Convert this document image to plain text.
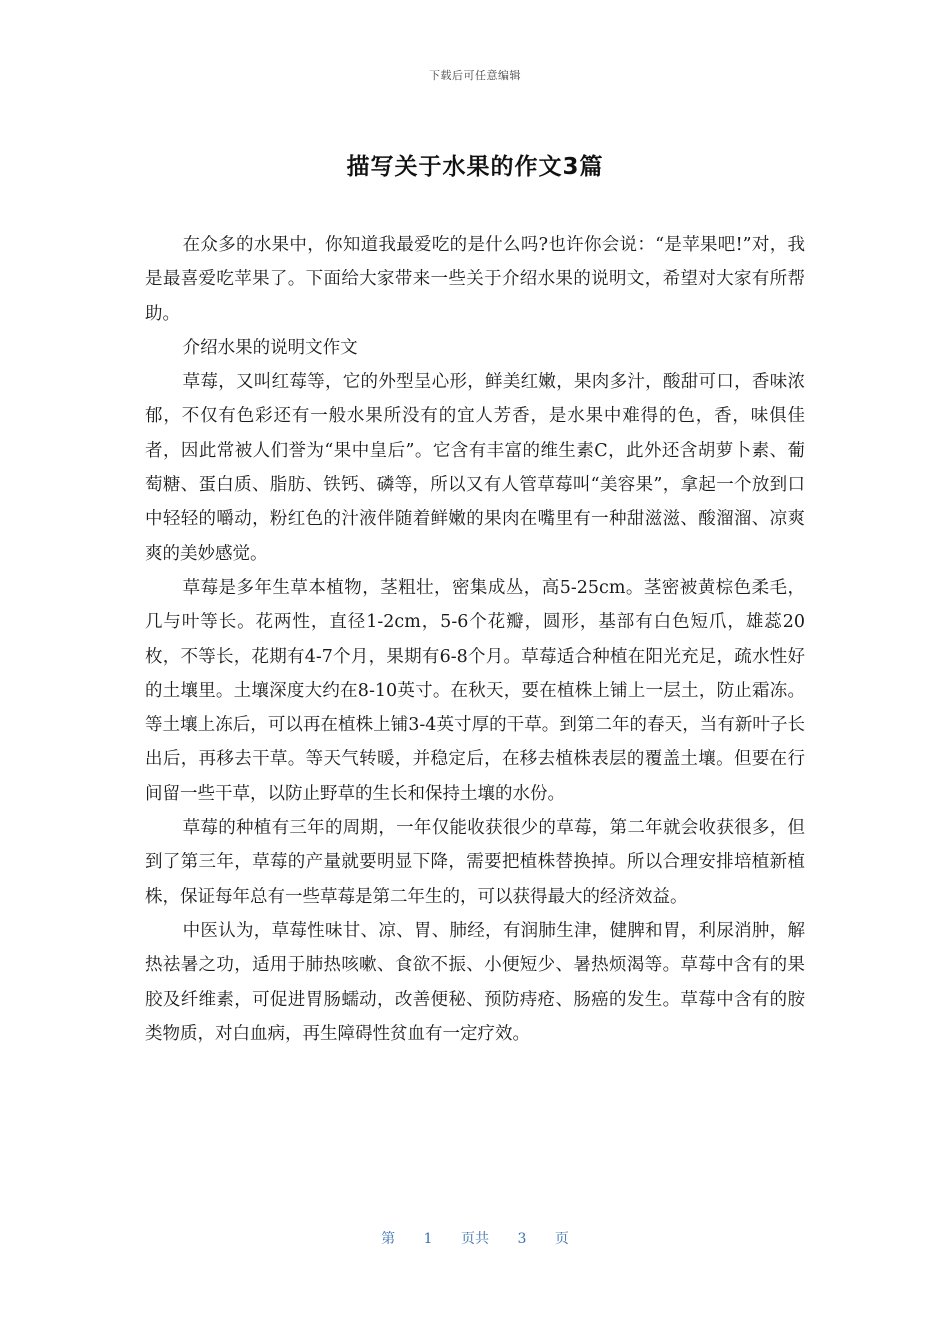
下载后可任意编辑
描写关于水果的作文3篇

在众多的水果中，你知道我最爱吃的是什么吗?也许你会说：“是苹果吧!”对，我是最喜爱吃苹果了。下面给大家带来一些关于介绍水果的说明文，希望对大家有所帮助。

介绍水果的说明文作文

草莓，又叫红莓等，它的外型呈心形，鲜美红嫩，果肉多汁，酸甜可口，香味浓郁，不仅有色彩还有一般水果所没有的宜人芳香，是水果中难得的色，香，味俱佳者，因此常被人们誉为“果中皇后”。它含有丰富的维生素C，此外还含胡萝卜素、葡萄糖、蛋白质、脂肪、铁钙、磷等，所以又有人管草莓叫“美容果”，拿起一个放到口中轻轻的嚼动，粉红色的汁液伴随着鲜嫩的果肉在嘴里有一种甜滋滋、酸溜溜、凉爽爽的美妙感觉。

草莓是多年生草本植物，茎粗壮，密集成丛，高5-25cm。茎密被黄棕色柔毛，几与叶等长。花两性，直径1-2cm，5-6个花瓣，圆形，基部有白色短爪，雄蕊20枚，不等长，花期有4-7个月，果期有6-8个月。草莓适合种植在阳光充足，疏水性好的土壤里。土壤深度大约在8-10英寸。在秋天，要在植株上铺上一层土，防止霜冻。等土壤上冻后，可以再在植株上铺3-4英寸厚的干草。到第二年的春天，当有新叶子长出后，再移去干草。等天气转暖，并稳定后，在移去植株表层的覆盖土壤。但要在行间留一些干草，以防止野草的生长和保持土壤的水份。

草莓的种植有三年的周期，一年仅能收获很少的草莓，第二年就会收获很多，但到了第三年，草莓的产量就要明显下降，需要把植株替换掉。所以合理安排培植新植株，保证每年总有一些草莓是第二年生的，可以获得最大的经济效益。

中医认为，草莓性味甘、凉、胃、肺经，有润肺生津，健脾和胃，利尿消肿，解热祛暑之功，适用于肺热咳嗽、食欲不振、小便短少、暑热烦渴等。草莓中含有的果胶及纤维素，可促进胃肠蠕动，改善便秘、预防痔疮、肠癌的发生。草莓中含有的胺类物质，对白血病，再生障碍性贫血有一定疗效。

第 1 页共 3 页
